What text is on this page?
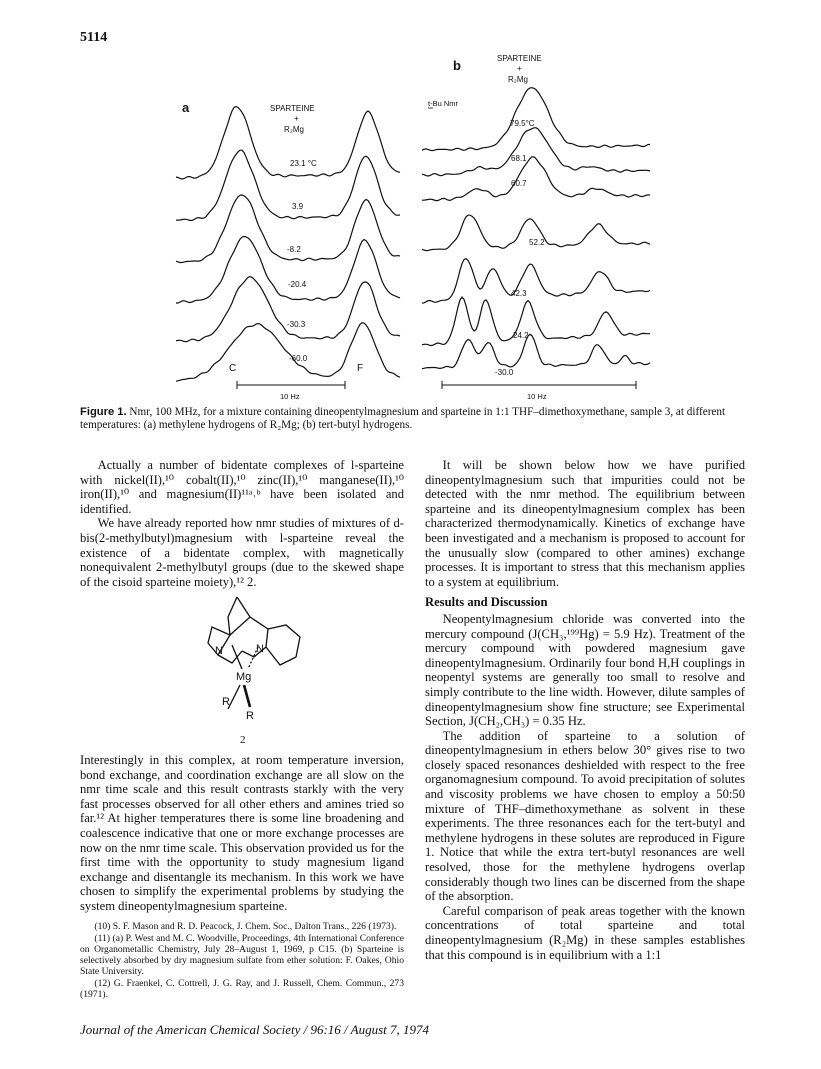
5114
a	SPARTEINE
+
R₂Mg
23.1 °C
3.9
-8.2
-20.4
-30.3
-60.0
C	F
10 Hz
b	SPARTEINE
+
R₂Mg
t-Bu Nmr
79.5°C
68.1
60.7
52.2
42.3
24.2
-30.0
10 Hz
Figure 1. Nmr, 100 MHz, for a mixture containing dineopentylmagnesium and sparteine in 1:1 THF–dimethoxymethane, sample 3, at different temperatures: (a) methylene hydrogens of R₂Mg; (b) tert-butyl hydrogens.

Actually a number of bidentate complexes of l-sparteine with nickel(II),¹⁰ cobalt(II),¹⁰ zinc(II),¹⁰ manganese(II),¹⁰ iron(II),¹⁰ and magnesium(II)¹¹ᵃ˒ᵇ have been isolated and identified.

We have already reported how nmr studies of mixtures of d-bis(2-methylbutyl)magnesium with l-sparteine reveal the existence of a bidentate complex, with magnetically nonequivalent 2-methylbutyl groups (due to the skewed shape of the cisoid sparteine moiety),¹² 2.

N	N
Mg
R
R
2

Interestingly in this complex, at room temperature inversion, bond exchange, and coordination exchange are all slow on the nmr time scale and this result contrasts starkly with the very fast processes observed for all other ethers and amines tried so far.¹² At higher temperatures there is some line broadening and coalescence indicative that one or more exchange processes are now on the nmr time scale. This observation provided us for the first time with the opportunity to study magnesium ligand exchange and disentangle its mechanism. In this work we have chosen to simplify the experimental problems by studying the system dineopentylmagnesium sparteine.

(10) S. F. Mason and R. D. Peacock, J. Chem. Soc., Dalton Trans., 226 (1973).

(11) (a) P. West and M. C. Woodville, Proceedings, 4th International Conference on Organometallic Chemistry, July 28–August 1, 1969, p C15. (b) Sparteine is selectively absorbed by dry magnesium sulfate from ether solution: F. Oakes, Ohio State University.

(12) G. Fraenkel, C. Cottrell, J. G. Ray, and J. Russell, Chem. Commun., 273 (1971).

It will be shown below how we have purified dineopentylmagnesium such that impurities could not be detected with the nmr method. The equilibrium between sparteine and its dineopentylmagnesium complex has been characterized thermodynamically. Kinetics of exchange have been investigated and a mechanism is proposed to account for the unusually slow (compared to other amines) exchange processes. It is important to stress that this mechanism applies to a system at equilibrium.

Results and Discussion

Neopentylmagnesium chloride was converted into the mercury compound (J(CH₃,¹⁹⁹Hg) = 5.9 Hz). Treatment of the mercury compound with powdered magnesium gave dineopentylmagnesium. Ordinarily four bond H,H couplings in neopentyl systems are generally too small to resolve and simply contribute to the line width. However, dilute samples of dineopentylmagnesium show fine structure; see Experimental Section, J(CH₂,CH₃) = 0.35 Hz.

The addition of sparteine to a solution of dineopentylmagnesium in ethers below 30° gives rise to two closely spaced resonances deshielded with respect to the free organomagnesium compound. To avoid precipitation of solutes and viscosity problems we have chosen to employ a 50:50 mixture of THF–dimethoxymethane as solvent in these experiments. The three resonances each for the tert-butyl and methylene hydrogens in these solutes are reproduced in Figure 1. Notice that while the extra tert-butyl resonances are well resolved, those for the methylene hydrogens overlap considerably though two lines can be discerned from the shape of the absorption.

Careful comparison of peak areas together with the known concentrations of total sparteine and total dineopentylmagnesium (R₂Mg) in these samples establishes that this compound is in equilibrium with a 1:1

Journal of the American Chemical Society / 96:16 / August 7, 1974
